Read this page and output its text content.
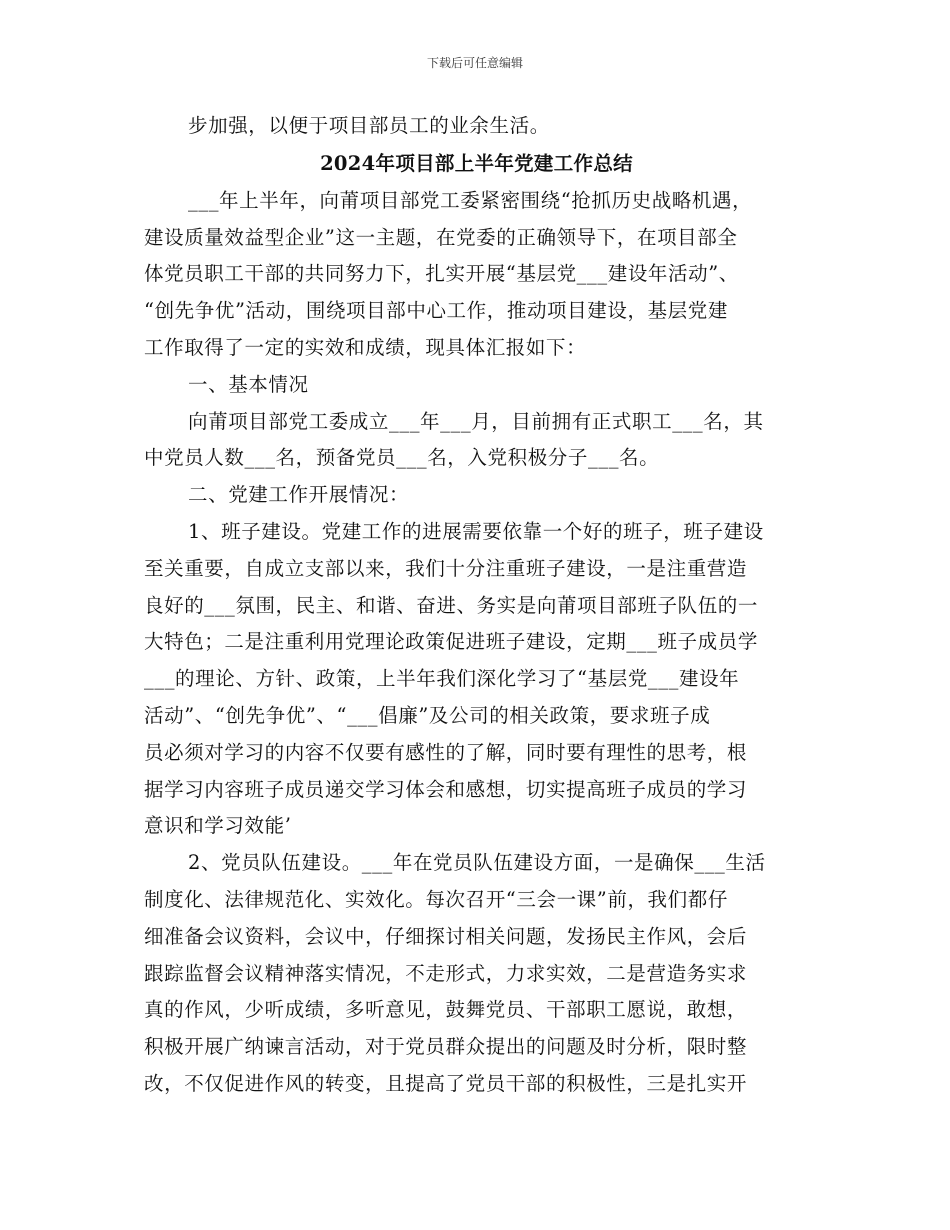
下载后可任意编辑
步加强，以便于项目部员工的业余生活。
2024年项目部上半年党建工作总结
___年上半年，向莆项目部党工委紧密围绕“抢抓历史战略机遇，
建设质量效益型企业”这一主题，在党委的正确领导下，在项目部全
体党员职工干部的共同努力下，扎实开展“基层党___建设年活动”、
“创先争优”活动，围绕项目部中心工作，推动项目建设，基层党建
工作取得了一定的实效和成绩，现具体汇报如下：
一、基本情况
向莆项目部党工委成立___年___月，目前拥有正式职工___名，其
中党员人数___名，预备党员___名，入党积极分子___名。
二、党建工作开展情况：
1、班子建设。党建工作的进展需要依靠一个好的班子，班子建设
至关重要，自成立支部以来，我们十分注重班子建设，一是注重营造
良好的___氛围，民主、和谐、奋进、务实是向莆项目部班子队伍的一
大特色；二是注重利用党理论政策促进班子建设，定期___班子成员学
___的理论、方针、政策，上半年我们深化学习了“基层党___建设年
活动”、“创先争优”、“___倡廉”及公司的相关政策，要求班子成
员必须对学习的内容不仅要有感性的了解，同时要有理性的思考，根
据学习内容班子成员递交学习体会和感想，切实提高班子成员的学习
意识和学习效能’
2、党员队伍建设。___年在党员队伍建设方面，一是确保___生活
制度化、法律规范化、实效化。每次召开“三会一课”前，我们都仔
细准备会议资料，会议中，仔细探讨相关问题，发扬民主作风，会后
跟踪监督会议精神落实情况，不走形式，力求实效，二是营造务实求
真的作风，少听成绩，多听意见，鼓舞党员、干部职工愿说，敢想，
积极开展广纳谏言活动，对于党员群众提出的问题及时分析，限时整
改，不仅促进作风的转变，且提高了党员干部的积极性，三是扎实开
